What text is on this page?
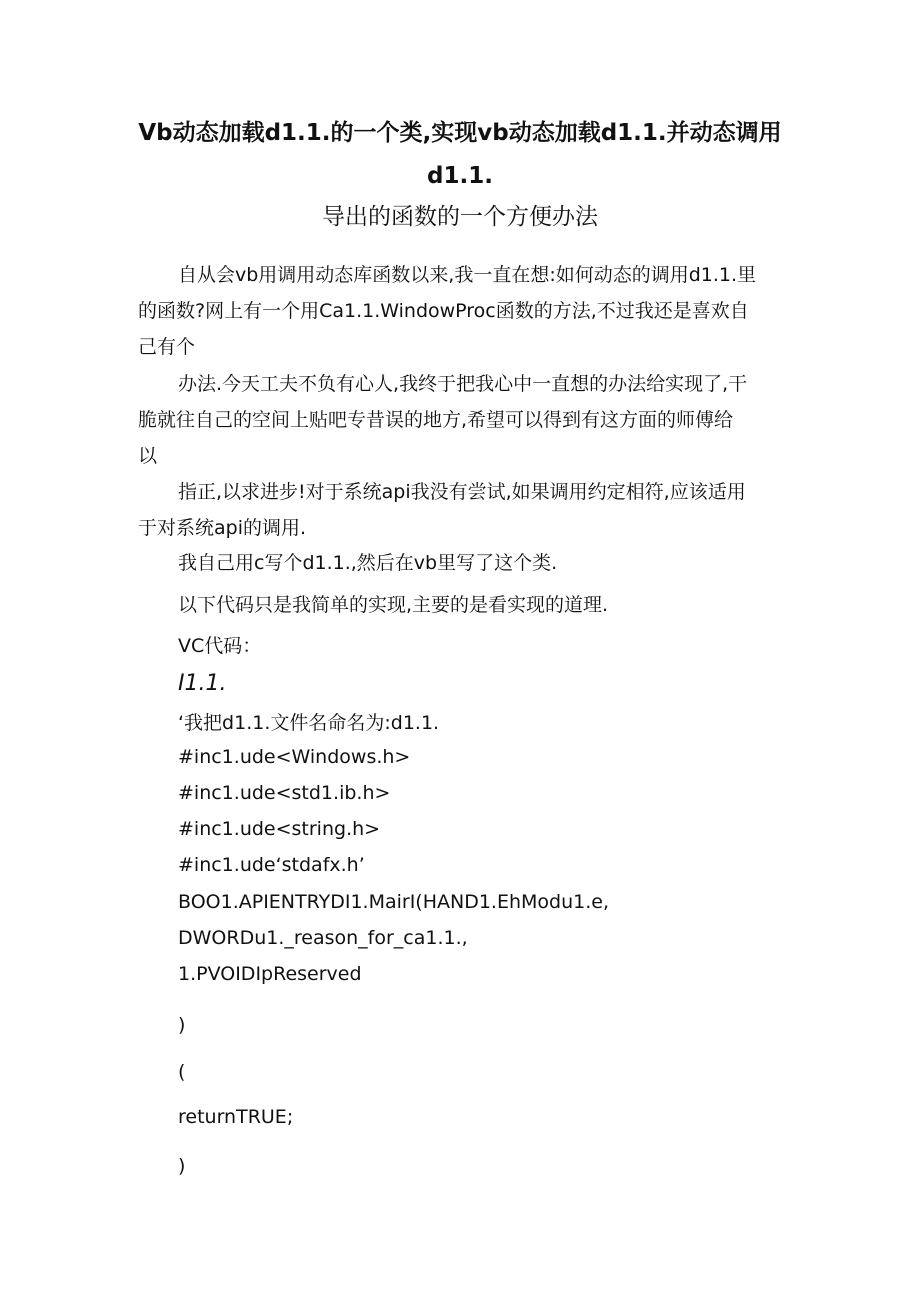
Vb动态加载d1.1.的一个类,实现vb动态加载d1.1.并动态调用
d1.1.
导出的函数的一个方便办法

自从会vb用调用动态库函数以来,我一直在想:如何动态的调用d1.1.里

的函数?网上有一个用Ca1.1.WindowProc函数的方法,不过我还是喜欢自

己有个

办法.今天工夫不负有心人,我终于把我心中一直想的办法给实现了,干

脆就往自己的空间上贴吧专昔误的地方,希望可以得到有这方面的师傅给

以

指正,以求进步!对于系统api我没有尝试,如果调用约定相符,应该适用

于对系统api的调用.

我自己用c写个d1.1.,然后在vb里写了这个类.

以下代码只是我简单的实现,主要的是看实现的道理.

VC代码：

I1.1.

‘我把d1.1.文件名命名为:d1.1.

#inc1.ude<Windows.h>

#inc1.ude<std1.ib.h>

#inc1.ude<string.h>

#inc1.ude‘stdafx.h’

BOO1.APIENTRYDI1.MairI(HAND1.EhModu1.e,

DWORDu1._reason_for_ca1.1.,

1.PVOIDIpReserved

)

(

returnTRUE;

)
